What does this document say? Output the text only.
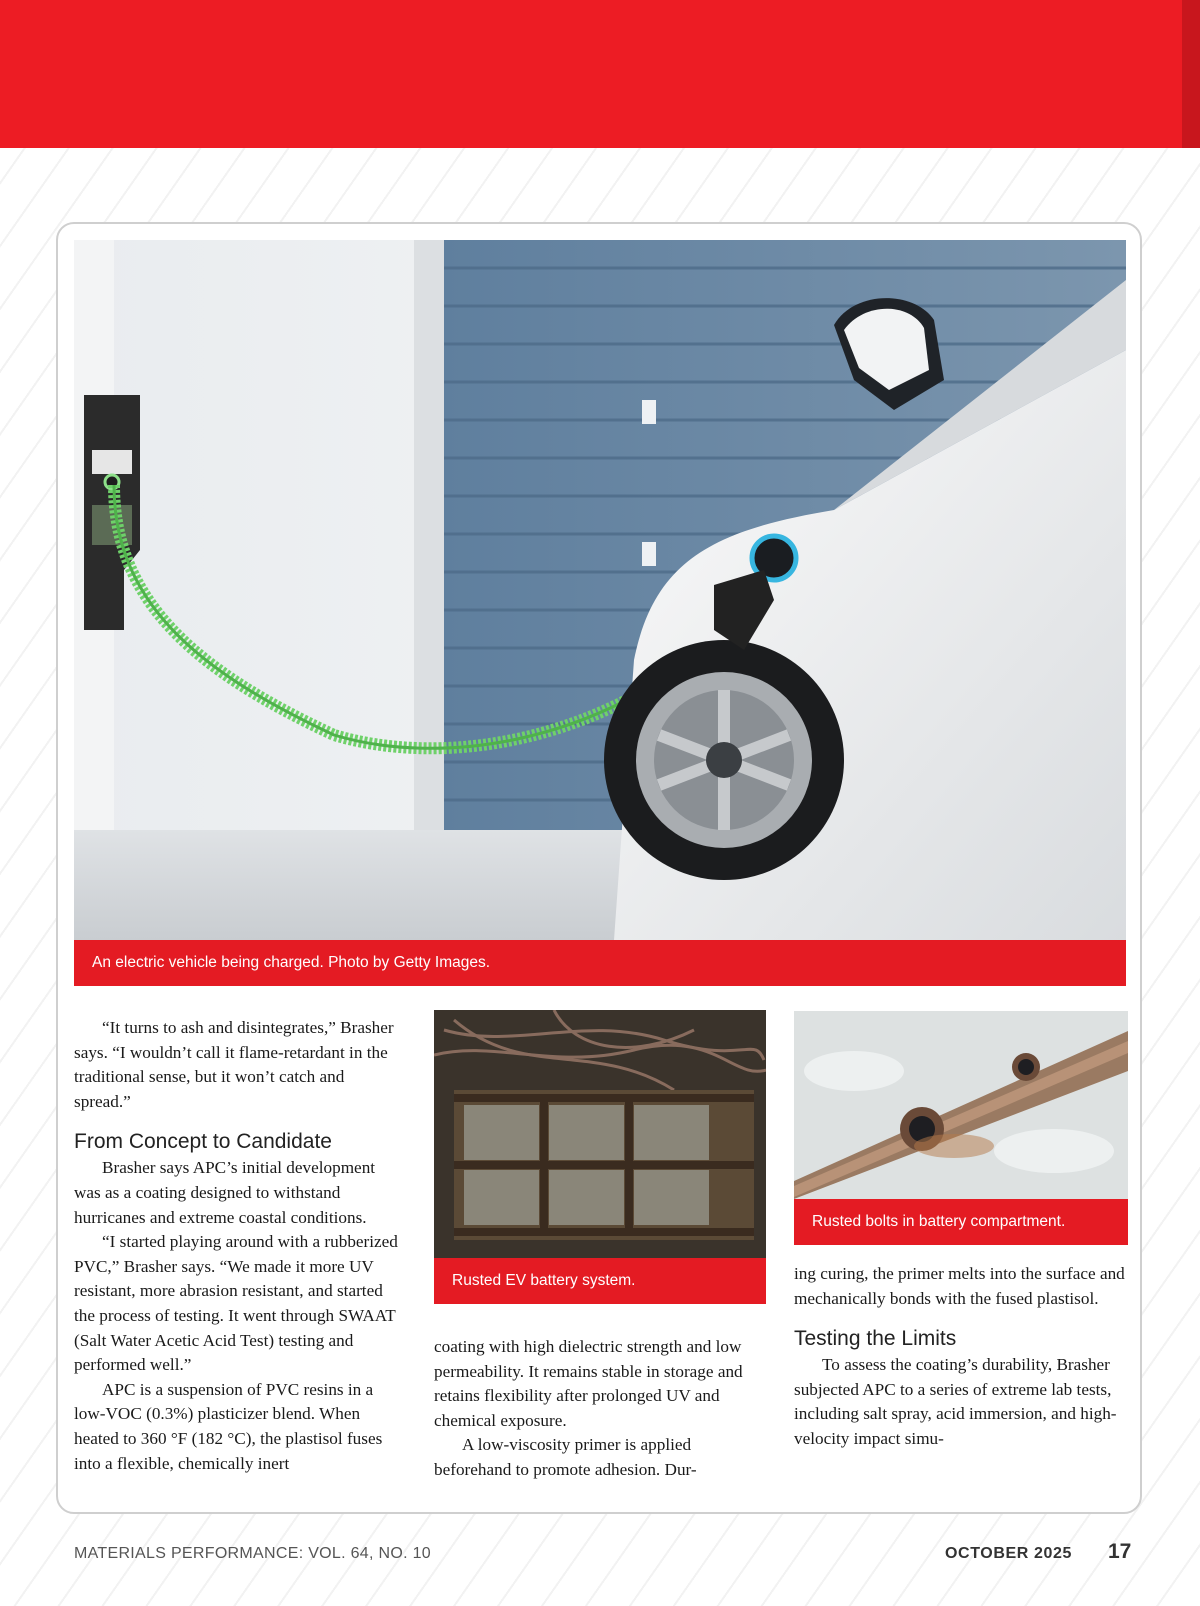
An electric vehicle being charged. Photo by Getty Images.

“It turns to ash and disintegrates,” Brasher says. “I wouldn’t call it flame-retardant in the traditional sense, but it won’t catch and spread.”

From Concept to Candidate

Brasher says APC’s initial development was as a coating designed to withstand hurricanes and extreme coastal conditions.

“I started playing around with a rubberized PVC,” Brasher says. “We made it more UV resistant, more abrasion resistant, and started the process of testing. It went through SWAAT (Salt Water Acetic Acid Test) testing and performed well.”

APC is a suspension of PVC resins in a low-VOC (0.3%) plasticizer blend. When heated to 360 °F (182 °C), the plastisol fuses into a flexible, chemically inert

Rusted EV battery system.

coating with high dielectric strength and low permeability. It remains stable in storage and retains flexibility after prolonged UV and chemical exposure.

A low-viscosity primer is applied beforehand to promote adhesion. Dur-

Rusted bolts in battery compartment.

ing curing, the primer melts into the surface and mechanically bonds with the fused plastisol.

Testing the Limits

To assess the coating’s durability, Brasher subjected APC to a series of extreme lab tests, including salt spray, acid immersion, and high-velocity impact simu-

MATERIALS PERFORMANCE: VOL. 64, NO. 10	OCTOBER 2025 17
